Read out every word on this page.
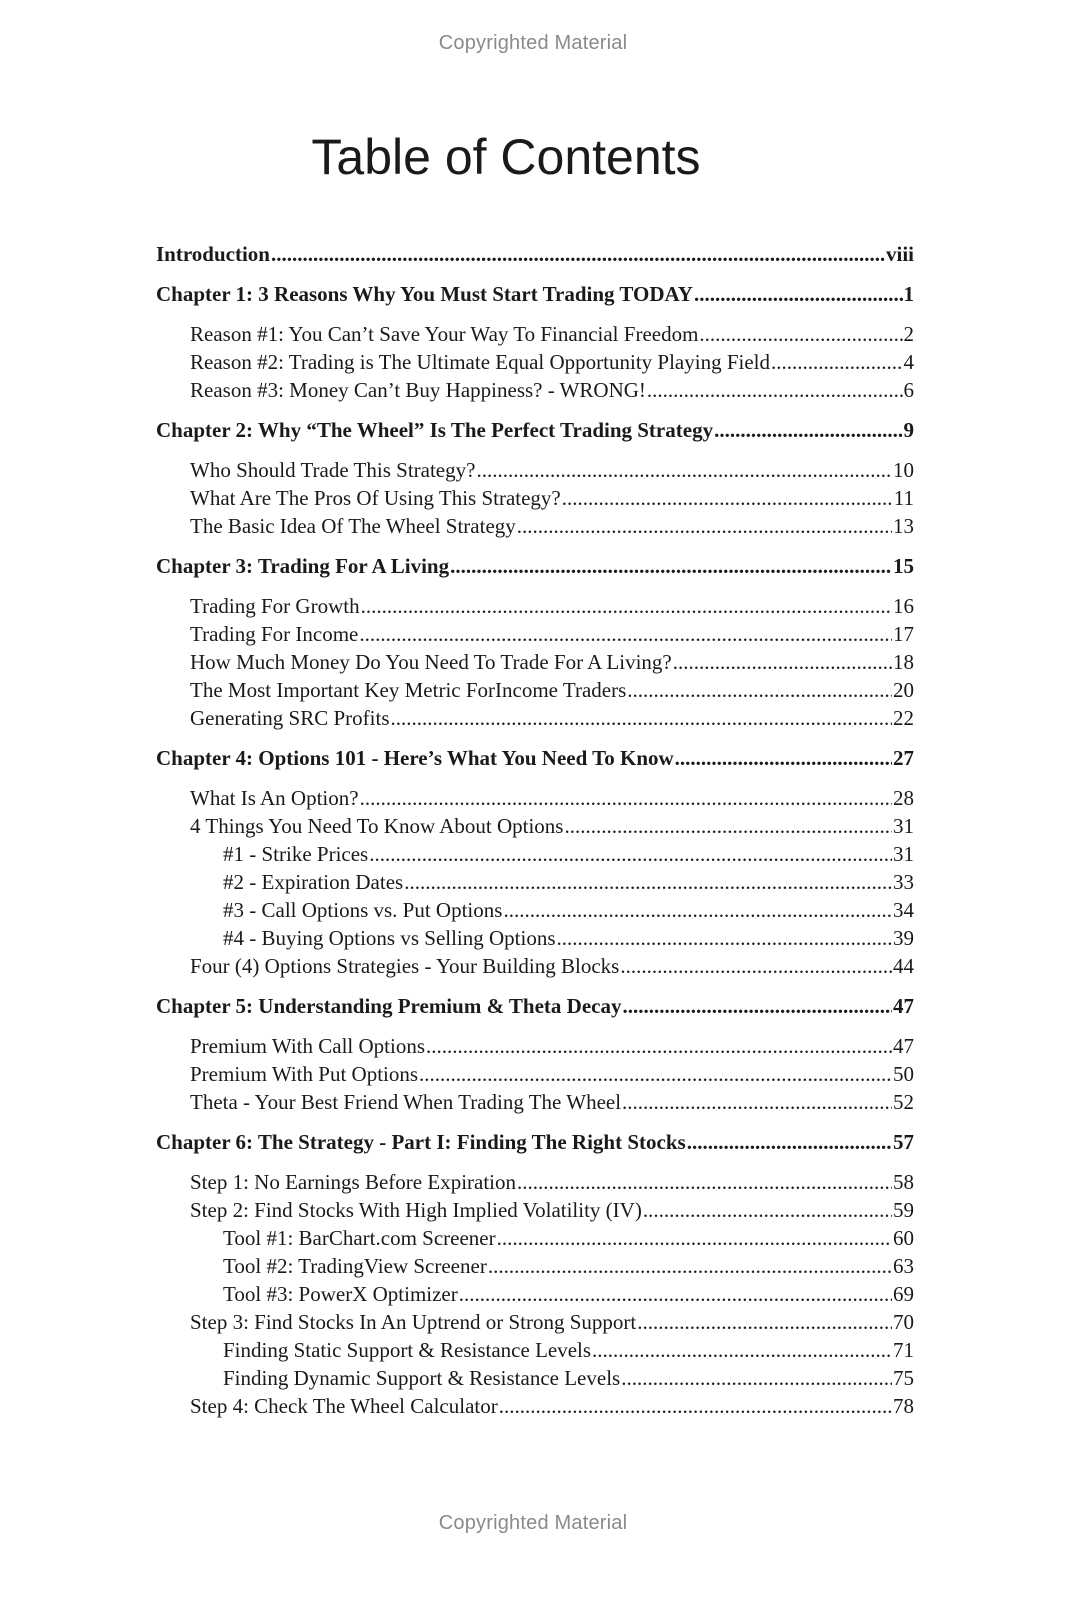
Copyrighted Material
Table of Contents
Introduction .....	viii
Chapter 1: 3 Reasons Why You Must Start Trading TODAY .....	1
Reason #1: You Can’t Save Your Way To Financial Freedom .....	2
Reason #2: Trading is The Ultimate Equal Opportunity Playing Field .....	4
Reason #3: Money Can’t Buy Happiness? - WRONG! .....	6
Chapter 2: Why “The Wheel” Is The Perfect Trading Strategy .....	9
Who Should Trade This Strategy? .....	10
What Are The Pros Of Using This Strategy? .....	11
The Basic Idea Of The Wheel Strategy .....	13
Chapter 3: Trading For A Living .....	15
Trading For Growth .....	16
Trading For Income .....	17
How Much Money Do You Need To Trade For A Living? .....	18
The Most Important Key Metric ForIncome Traders .....	20
Generating SRC Profits .....	22
Chapter 4: Options 101 - Here’s What You Need To Know .....	27
What Is An Option? .....	28
4 Things You Need To Know About Options .....	31
#1 - Strike Prices .....	31
#2 - Expiration Dates .....	33
#3 - Call Options vs. Put Options .....	34
#4 - Buying Options vs Selling Options .....	39
Four (4) Options Strategies - Your Building Blocks .....	44
Chapter 5: Understanding Premium & Theta Decay .....	47
Premium With Call Options .....	47
Premium With Put Options .....	50
Theta - Your Best Friend When Trading The Wheel .....	52
Chapter 6: The Strategy - Part I: Finding The Right Stocks .....	57
Step 1: No Earnings Before Expiration .....	58
Step 2: Find Stocks With High Implied Volatility (IV) .....	59
Tool #1: BarChart.com Screener .....	60
Tool #2: TradingView Screener .....	63
Tool #3: PowerX Optimizer .....	69
Step 3: Find Stocks In An Uptrend or Strong Support .....	70
Finding Static Support & Resistance Levels .....	71
Finding Dynamic Support & Resistance Levels .....	75
Step 4: Check The Wheel Calculator .....	78
Copyrighted Material
